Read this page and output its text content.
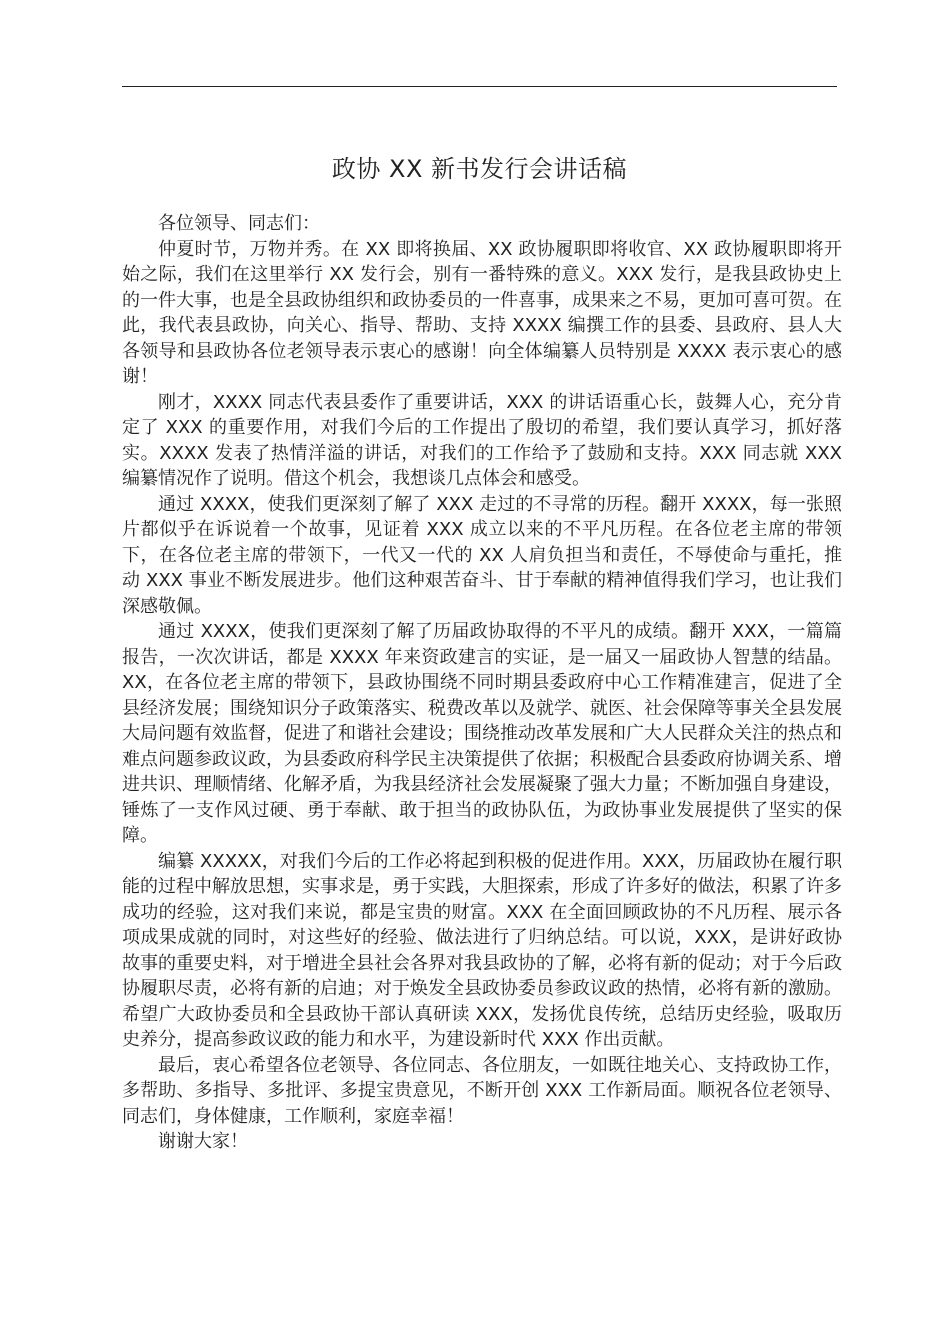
政协 XX 新书发行会讲话稿

各位领导、同志们：

仲夏时节，万物并秀。在 XX 即将换届、XX 政协履职即将收官、XX 政协履职即将开始之际，我们在这里举行 XX 发行会，别有一番特殊的意义。XXX 发行，是我县政协史上的一件大事，也是全县政协组织和政协委员的一件喜事，成果来之不易，更加可喜可贺。在此，我代表县政协，向关心、指导、帮助、支持 XXXX 编撰工作的县委、县政府、县人大各领导和县政协各位老领导表示衷心的感谢！向全体编纂人员特别是 XXXX 表示衷心的感谢！

刚才，XXXX 同志代表县委作了重要讲话，XXX 的讲话语重心长，鼓舞人心，充分肯定了 XXX 的重要作用，对我们今后的工作提出了殷切的希望，我们要认真学习，抓好落实。XXXX 发表了热情洋溢的讲话，对我们的工作给予了鼓励和支持。XXX 同志就 XXX 编纂情况作了说明。借这个机会，我想谈几点体会和感受。

通过 XXXX，使我们更深刻了解了 XXX 走过的不寻常的历程。翻开 XXXX，每一张照片都似乎在诉说着一个故事，见证着 XXX 成立以来的不平凡历程。在各位老主席的带领下，在各位老主席的带领下，一代又一代的 XX 人肩负担当和责任，不辱使命与重托，推动 XXX 事业不断发展进步。他们这种艰苦奋斗、甘于奉献的精神值得我们学习，也让我们深感敬佩。

通过 XXXX，使我们更深刻了解了历届政协取得的不平凡的成绩。翻开 XXX，一篇篇报告，一次次讲话，都是 XXXX 年来资政建言的实证，是一届又一届政协人智慧的结晶。XX，在各位老主席的带领下，县政协围绕不同时期县委政府中心工作精准建言，促进了全县经济发展；围绕知识分子政策落实、税费改革以及就学、就医、社会保障等事关全县发展大局问题有效监督，促进了和谐社会建设；围绕推动改革发展和广大人民群众关注的热点和难点问题参政议政，为县委政府科学民主决策提供了依据；积极配合县委政府协调关系、增进共识、理顺情绪、化解矛盾，为我县经济社会发展凝聚了强大力量；不断加强自身建设，锤炼了一支作风过硬、勇于奉献、敢于担当的政协队伍，为政协事业发展提供了坚实的保障。

编纂 XXXXX，对我们今后的工作必将起到积极的促进作用。XXX，历届政协在履行职能的过程中解放思想，实事求是，勇于实践，大胆探索，形成了许多好的做法，积累了许多成功的经验，这对我们来说，都是宝贵的财富。XXX 在全面回顾政协的不凡历程、展示各项成果成就的同时，对这些好的经验、做法进行了归纳总结。可以说，XXX，是讲好政协故事的重要史料，对于增进全县社会各界对我县政协的了解，必将有新的促动；对于今后政协履职尽责，必将有新的启迪；对于焕发全县政协委员参政议政的热情，必将有新的激励。希望广大政协委员和全县政协干部认真研读 XXX，发扬优良传统，总结历史经验，吸取历史养分，提高参政议政的能力和水平，为建设新时代 XXX 作出贡献。

最后，衷心希望各位老领导、各位同志、各位朋友，一如既往地关心、支持政协工作，多帮助、多指导、多批评、多提宝贵意见，不断开创 XXX 工作新局面。顺祝各位老领导、同志们，身体健康，工作顺利，家庭幸福！

谢谢大家！
